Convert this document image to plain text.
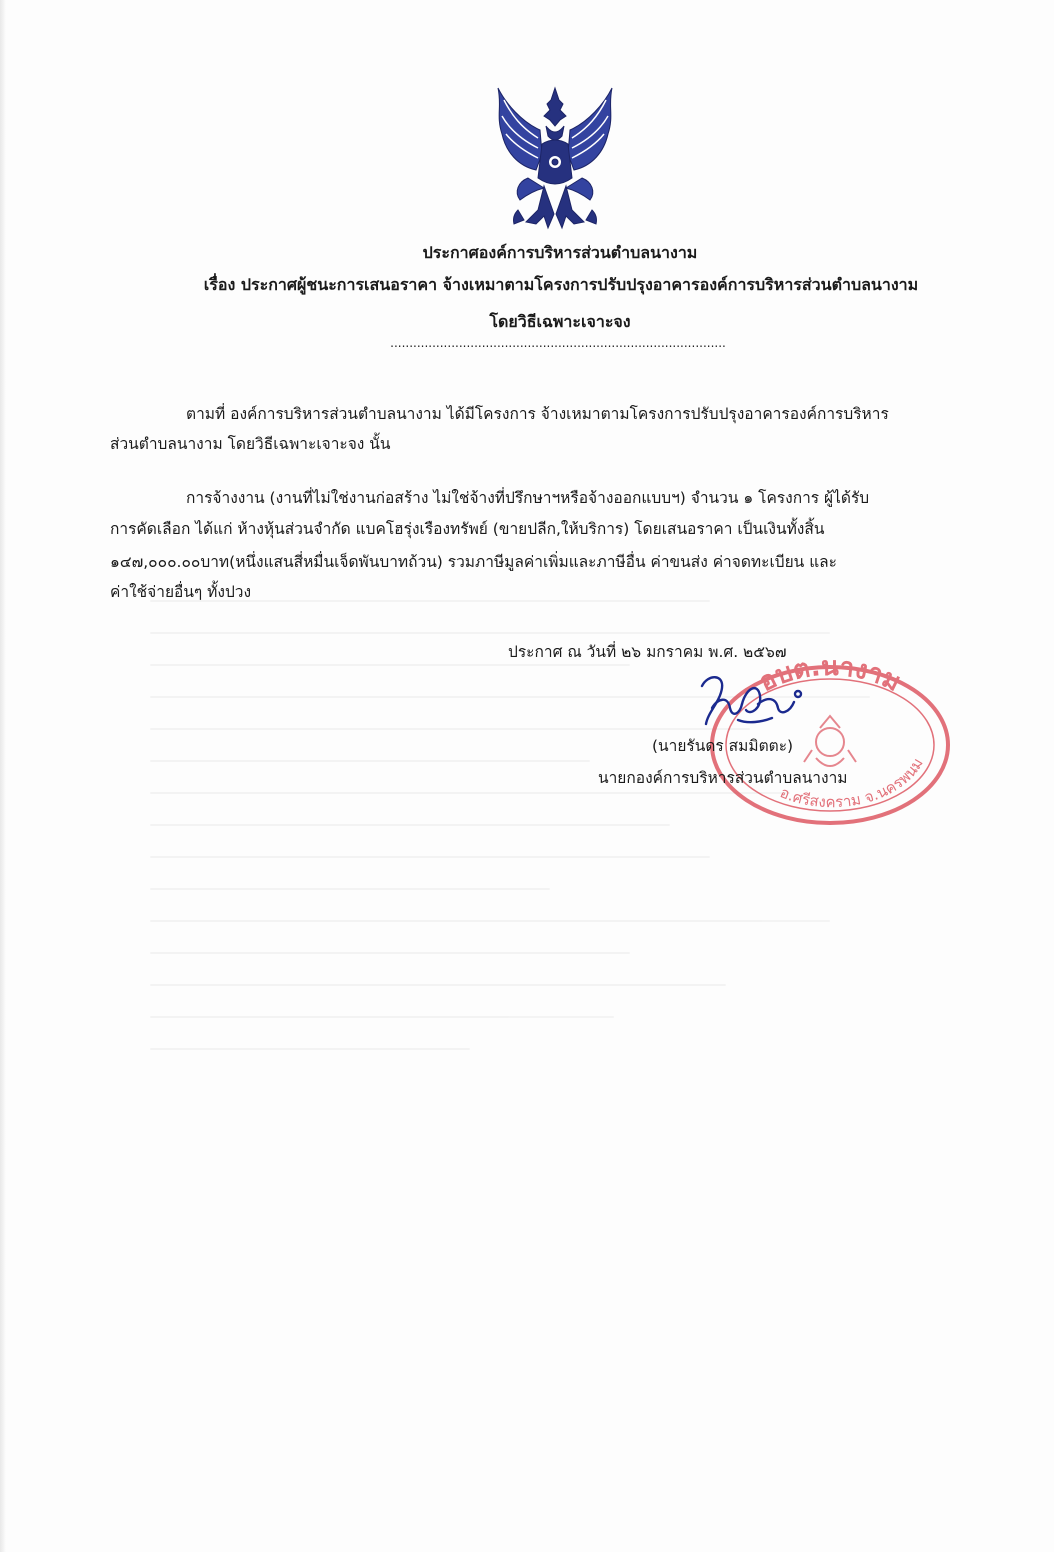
ประกาศองค์การบริหารส่วนตำบลนางาม
เรื่อง ประกาศผู้ชนะการเสนอราคา จ้างเหมาตามโครงการปรับปรุงอาคารองค์การบริหารส่วนตำบลนางาม
โดยวิธีเฉพาะเจาะจง
........................................................................................
ตามที่ องค์การบริหารส่วนตำบลนางาม ได้มีโครงการ จ้างเหมาตามโครงการปรับปรุงอาคารองค์การบริหาร
ส่วนตำบลนางาม โดยวิธีเฉพาะเจาะจง นั้น
การจ้างงาน (งานที่ไม่ใช่งานก่อสร้าง ไม่ใช่จ้างที่ปรึกษาฯหรือจ้างออกแบบฯ) จำนวน ๑ โครงการ ผู้ได้รับ
การคัดเลือก ได้แก่ ห้างหุ้นส่วนจำกัด แบคโฮรุ่งเรืองทรัพย์ (ขายปลีก,ให้บริการ) โดยเสนอราคา เป็นเงินทั้งสิ้น
๑๔๗,๐๐๐.๐๐บาท(หนึ่งแสนสี่หมื่นเจ็ดพันบาทถ้วน) รวมภาษีมูลค่าเพิ่มและภาษีอื่น ค่าขนส่ง ค่าจดทะเบียน และ
ค่าใช้จ่ายอื่นๆ ทั้งปวง
ประกาศ ณ วันที่ ๒๖ มกราคม พ.ศ. ๒๕๖๗
อบต.นางาม
อ.ศรีสงคราม จ.นครพนม
(นายรันดร สมมิตตะ)
นายกองค์การบริหารส่วนตำบลนางาม
